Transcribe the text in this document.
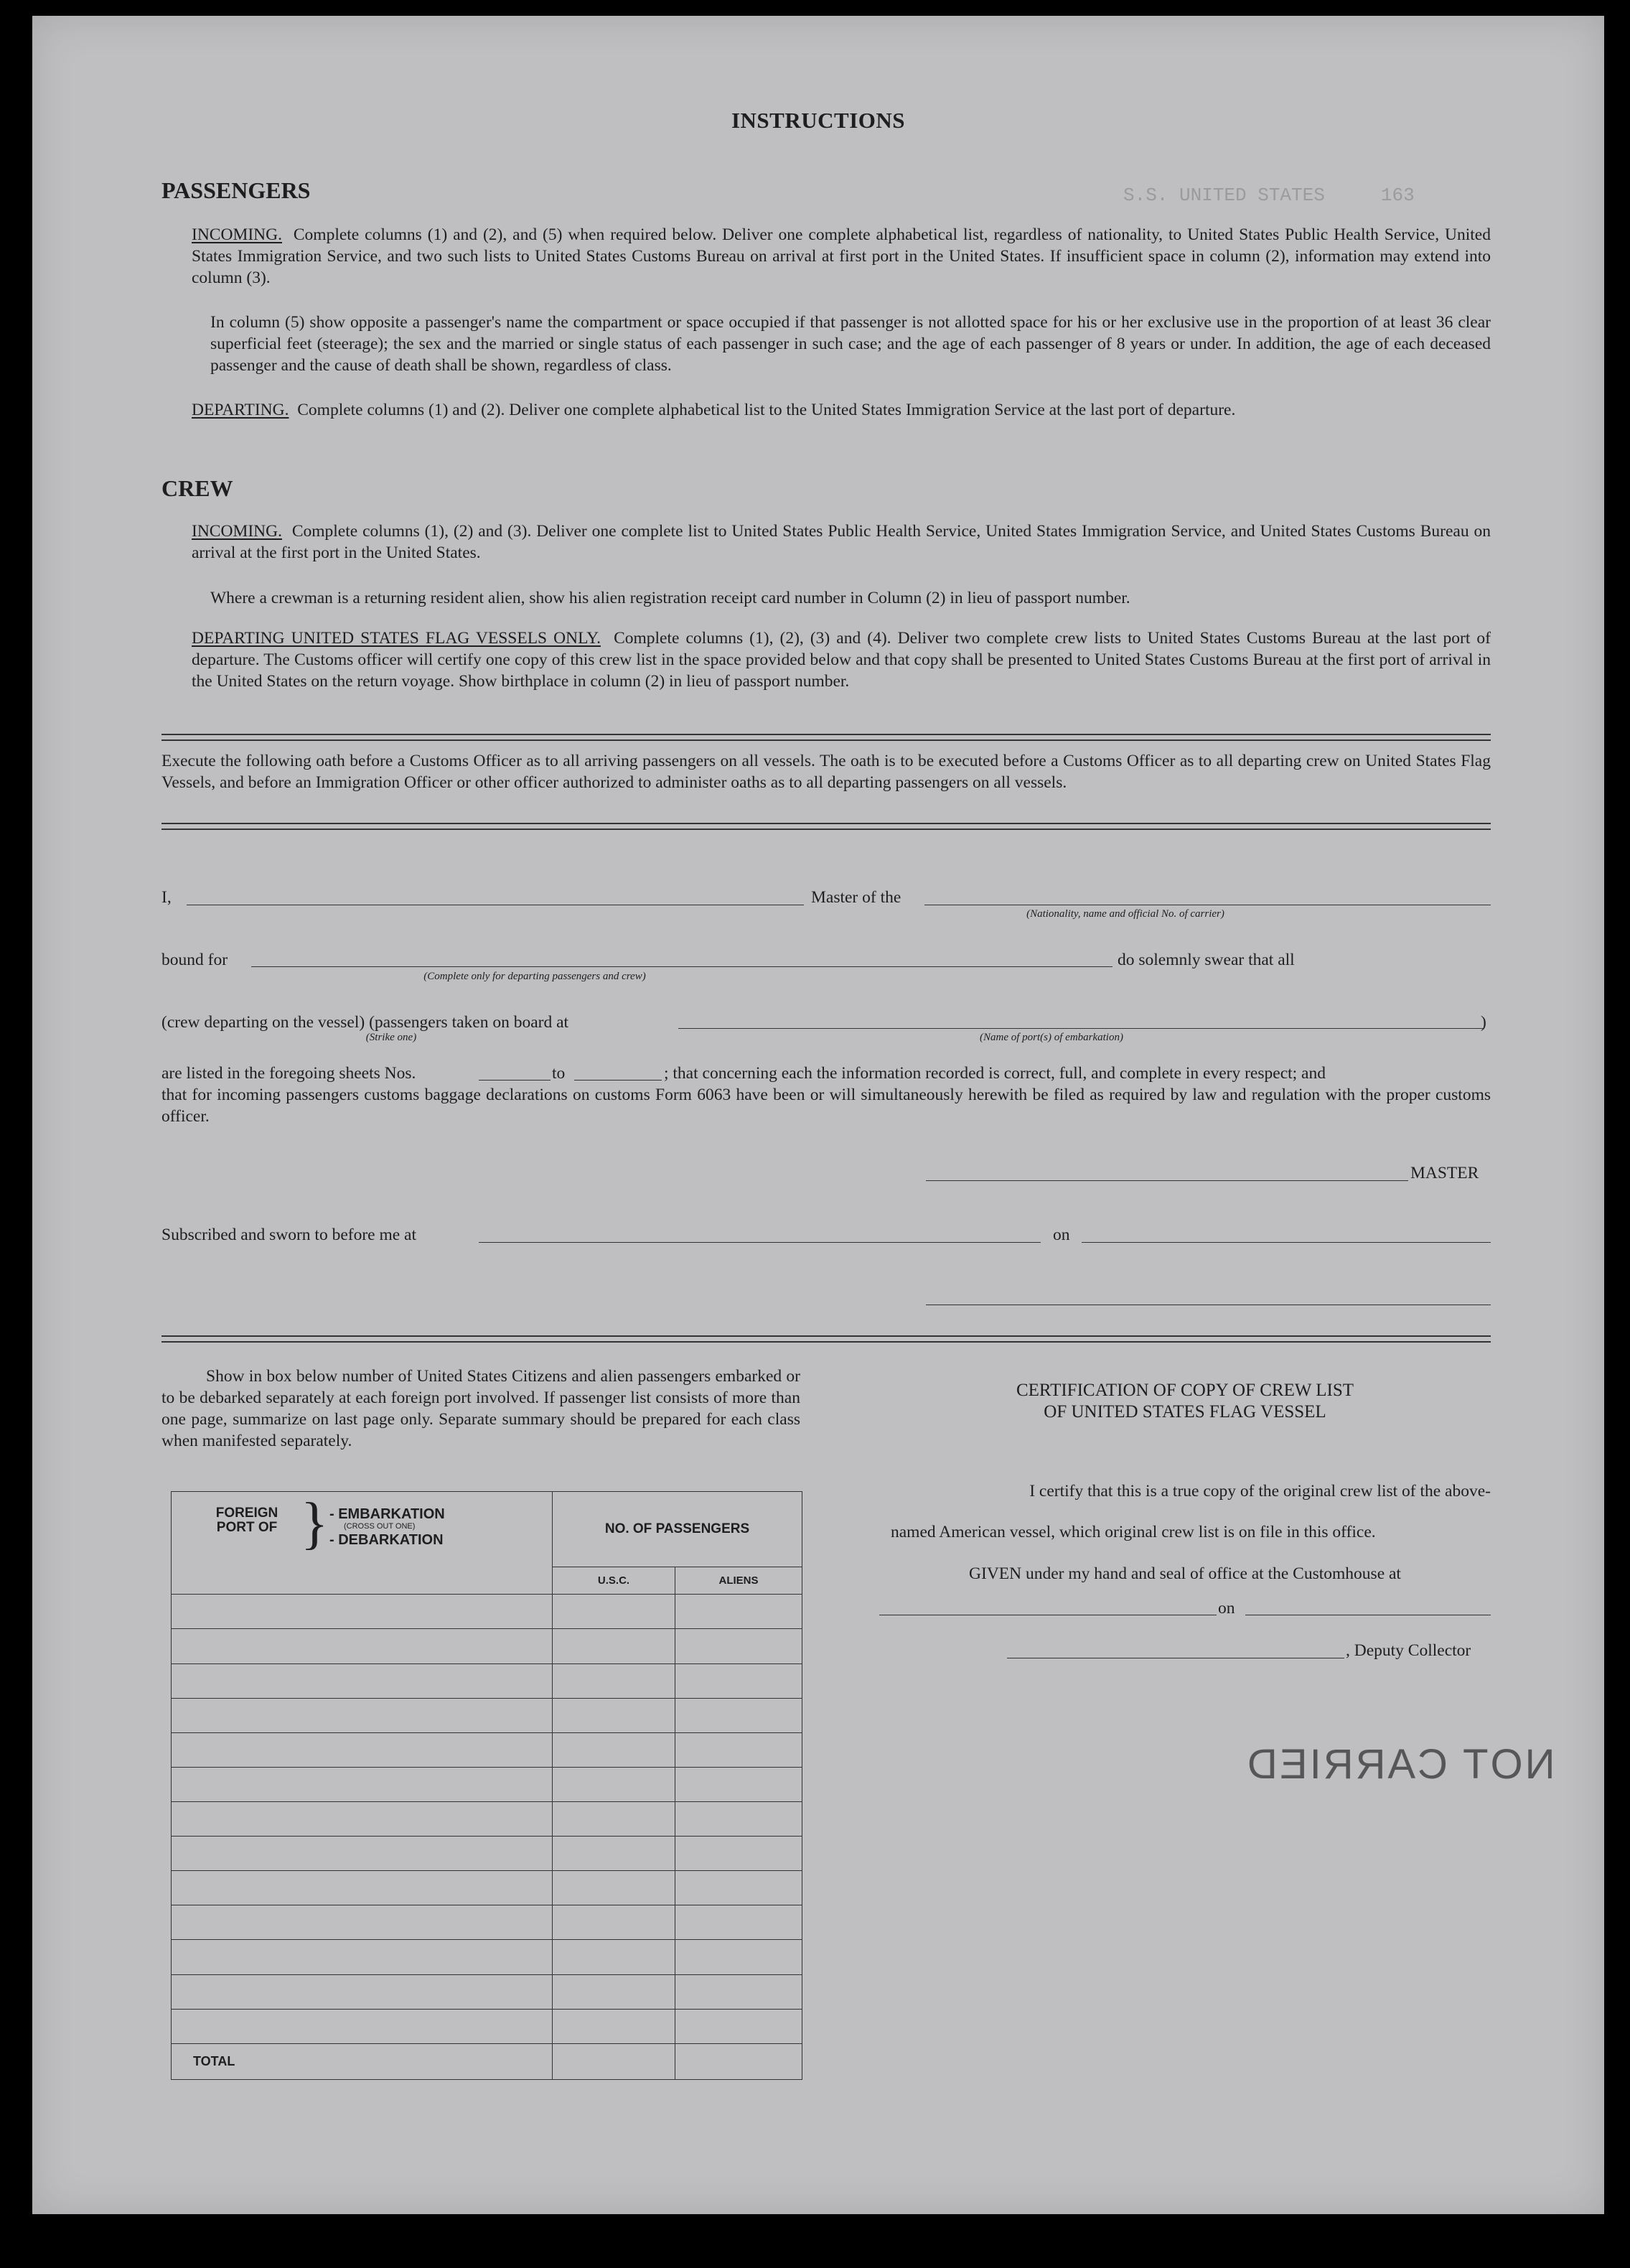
S.S. UNITED STATES     163
INSTRUCTIONS
PASSENGERS
INCOMING. Complete columns (1) and (2), and (5) when required below. Deliver one complete alphabetical list, regardless of nationality, to United States Public Health Service, United States Immigration Service, and two such lists to United States Customs Bureau on arrival at first port in the United States. If insufficient space in column (2), information may extend into column (3).
In column (5) show opposite a passenger's name the compartment or space occupied if that passenger is not allotted space for his or her exclusive use in the proportion of at least 36 clear superficial feet (steerage); the sex and the married or single status of each passenger in such case; and the age of each passenger of 8 years or under. In addition, the age of each deceased passenger and the cause of death shall be shown, regardless of class.
DEPARTING. Complete columns (1) and (2). Deliver one complete alphabetical list to the United States Immigration Service at the last port of departure.
CREW
INCOMING. Complete columns (1), (2) and (3). Deliver one complete list to United States Public Health Service, United States Immigration Service, and United States Customs Bureau on arrival at the first port in the United States.
Where a crewman is a returning resident alien, show his alien registration receipt card number in Column (2) in lieu of passport number.
DEPARTING UNITED STATES FLAG VESSELS ONLY. Complete columns (1), (2), (3) and (4). Deliver two complete crew lists to United States Customs Bureau at the last port of departure. The Customs officer will certify one copy of this crew list in the space provided below and that copy shall be presented to United States Customs Bureau at the first port of arrival in the United States on the return voyage. Show birthplace in column (2) in lieu of passport number.
Execute the following oath before a Customs Officer as to all arriving passengers on all vessels. The oath is to be executed before a Customs Officer as to all departing crew on United States Flag Vessels, and before an Immigration Officer or other officer authorized to administer oaths as to all departing passengers on all vessels.
I,	Master of the
(Nationality, name and official No. of carrier)
bound for
(Complete only for departing passengers and crew)
do solemnly swear that all
(crew departing on the vessel) (passengers taken on board at
(Strike one)
)
(Name of port(s) of embarkation)
are listed in the foregoing sheets Nos.	to	; that concerning each the information recorded is correct, full, and complete in every respect; and
that for incoming passengers customs baggage declarations on customs Form 6063 have been or will simultaneously herewith be filed as required by law and regulation with the proper customs officer.
MASTER
Subscribed and sworn to before me at	on
Show in box below number of United States Citizens and alien passengers embarked or to be debarked separately at each foreign port involved. If passenger list consists of more than one page, summarize on last page only. Separate summary should be prepared for each class when manifested separately.
FOREIGN PORT OF } - EMBARKATION
(CROSS OUT ONE)
- DEBARKATION	NO. OF PASSENGERS	
	U.S.C.	ALIENS

TOTAL		
CERTIFICATION OF COPY OF CREW LIST
OF UNITED STATES FLAG VESSEL
I certify that this is a true copy of the original crew list of the above-
named American vessel, which original crew list is on file in this office.
GIVEN under my hand and seal of office at the Customhouse at
on
, Deputy Collector
NOT CARRIED
